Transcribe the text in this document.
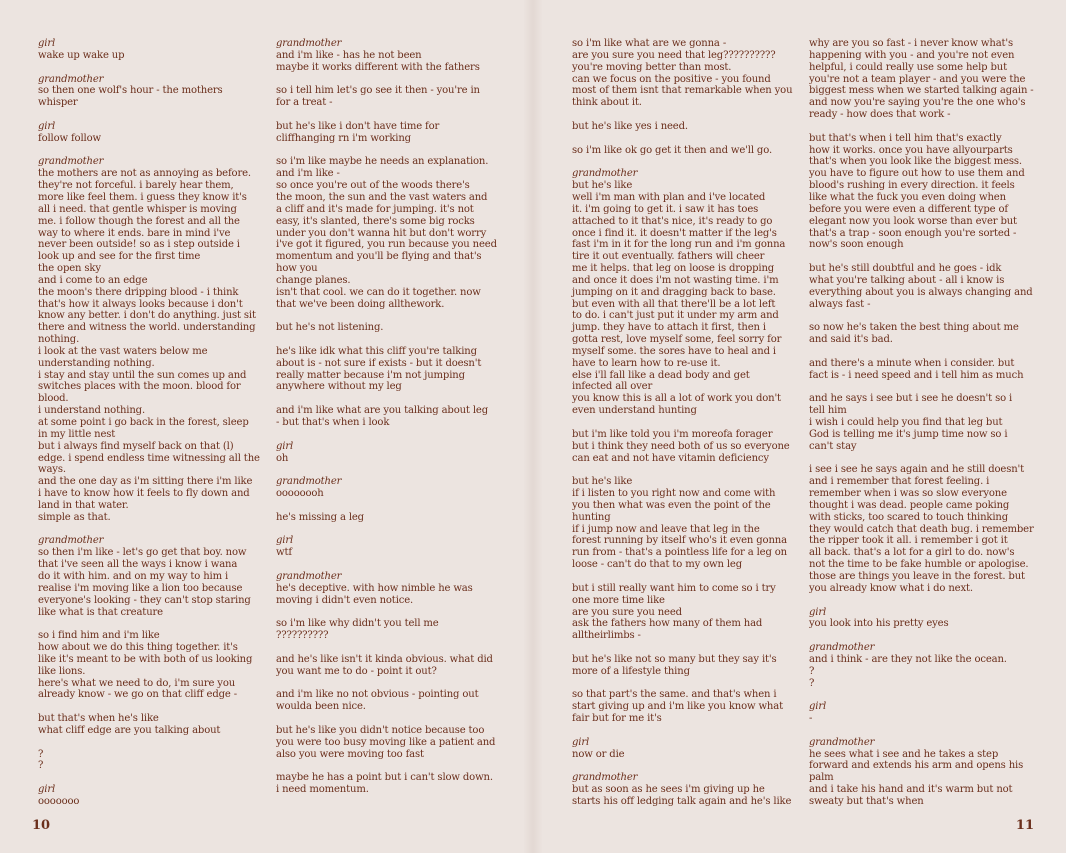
girl
wake up wake up
grandmother
so then one wolf's hour - the mothers
whisper
girl
follow follow
grandmother
the mothers are not as annoying as before.
they're not forceful. i barely hear them,
more like feel them. i guess they know it's
all i need. that gentle whisper is moving
me. i follow though the forest and all the
way to where it ends. bare in mind i've
never been outside! so as i step outside i
look up and see for the first time
the open sky
and i come to an edge
the moon's there dripping blood - i think
that's how it always looks because i don't
know any better. i don't do anything. just sit
there and witness the world. understanding
nothing.
i look at the vast waters below me
understanding nothing.
i stay and stay until the sun comes up and
switches places with the moon. blood for
blood.
i understand nothing.
at some point i go back in the forest, sleep
in my little nest
but i always find myself back on that (l)
edge. i spend endless time witnessing all the
ways.
and the one day as i'm sitting there i'm like
i have to know how it feels to fly down and
land in that water.
simple as that.
grandmother
so then i'm like - let's go get that boy. now
that i've seen all the ways i know i wana
do it with him. and on my way to him i
realise i'm moving like a lion too because
everyone's looking - they can't stop staring
like what is that creature
so i find him and i'm like
how about we do this thing together. it's
like it's meant to be with both of us looking
like lions.
here's what we need to do, i'm sure you
already know - we go on that cliff edge -
but that's when he's like
what cliff edge are you talking about
?
?
girl
ooooooo
grandmother
and i'm like - has he not been
maybe it works different with the fathers
so i tell him let's go see it then - you're in
for a treat -
but he's like i don't have time for
cliffhanging rn i'm working
so i'm like maybe he needs an explanation.
and i'm like -
so once you're out of the woods there's
the moon, the sun and the vast waters and
a cliff and it's made for jumping. it's not
easy, it's slanted, there's some big rocks
under you don't wanna hit but don't worry
i've got it figured, you run because you need
momentum and you'll be flying and that's
how you
change planes.
isn't that cool. we can do it together. now
that we've been doing allthework.
but he's not listening.
he's like idk what this cliff you're talking
about is - not sure if exists - but it doesn't
really matter because i'm not jumping
anywhere without my leg
and i'm like what are you talking about leg
- but that's when i look
girl
oh
grandmother
oooooooh
he's missing a leg
girl
wtf
grandmother
he's deceptive. with how nimble he was
moving i didn't even notice.
so i'm like why didn't you tell me
??????????
and he's like isn't it kinda obvious. what did
you want me to do - point it out?
and i'm like no not obvious - pointing out
woulda been nice.
but he's like you didn't notice because too
you were too busy moving like a patient and
also you were moving too fast
maybe he has a point but i can't slow down.
i need momentum.
10
so i'm like what are we gonna -
are you sure you need that leg??????????
you're moving better than most.
can we focus on the positive - you found
most of them isnt that remarkable when you
think about it.
but he's like yes i need.
so i'm like ok go get it then and we'll go.
grandmother
but he's like
well i'm man with plan and i've located
it. i'm going to get it. i saw it has toes
attached to it that's nice, it's ready to go
once i find it. it doesn't matter if the leg's
fast i'm in it for the long run and i'm gonna
tire it out eventually. fathers will cheer
me it helps. that leg on loose is dropping
and once it does i'm not wasting time. i'm
jumping on it and dragging back to base.
but even with all that there'll be a lot left
to do. i can't just put it under my arm and
jump. they have to attach it first, then i
gotta rest, love myself some, feel sorry for
myself some. the sores have to heal and i
have to learn how to re-use it.
else i'll fall like a dead body and get
infected all over
you know this is all a lot of work you don't
even understand hunting
but i'm like told you i'm moreofa forager
but i think they need both of us so everyone
can eat and not have vitamin deficiency
but he's like
if i listen to you right now and come with
you then what was even the point of the
hunting
if i jump now and leave that leg in the
forest running by itself who's it even gonna
run from - that's a pointless life for a leg on
loose - can't do that to my own leg
but i still really want him to come so i try
one more time like
are you sure you need
ask the fathers how many of them had
alltheirlimbs -
but he's like not so many but they say it's
more of a lifestyle thing
so that part's the same. and that's when i
start giving up and i'm like you know what
fair but for me it's
girl
now or die
grandmother
but as soon as he sees i'm giving up he
starts his off ledging talk again and he's like
why are you so fast - i never know what's
happening with you - and you're not even
helpful, i could really use some help but
you're not a team player - and you were the
biggest mess when we started talking again -
and now you're saying you're the one who's
ready - how does that work -
but that's when i tell him that's exactly
how it works. once you have allyourparts
that's when you look like the biggest mess.
you have to figure out how to use them and
blood's rushing in every direction. it feels
like what the fuck you even doing when
before you were even a different type of
elegant now you look worse than ever but
that's a trap - soon enough you're sorted -
now's soon enough
but he's still doubtful and he goes - idk
what you're talking about - all i know is
everything about you is always changing and
always fast -
so now he's taken the best thing about me
and said it's bad.
and there's a minute when i consider. but
fact is - i need speed and i tell him as much
and he says i see but i see he doesn't so i
tell him
i wish i could help you find that leg but
God is telling me it's jump time now so i
can't stay
i see i see he says again and he still doesn't
and i remember that forest feeling. i
remember when i was so slow everyone
thought i was dead. people came poking
with sticks, too scared to touch thinking
they would catch that death bug. i remember
the ripper took it all. i remember i got it
all back. that's a lot for a girl to do. now's
not the time to be fake humble or apologise.
those are things you leave in the forest. but
you already know what i do next.
girl
you look into his pretty eyes
grandmother
and i think - are they not like the ocean.
?
?
girl
-
grandmother
he sees what i see and he takes a step
forward and extends his arm and opens his
palm
and i take his hand and it's warm but not
sweaty but that's when
11
